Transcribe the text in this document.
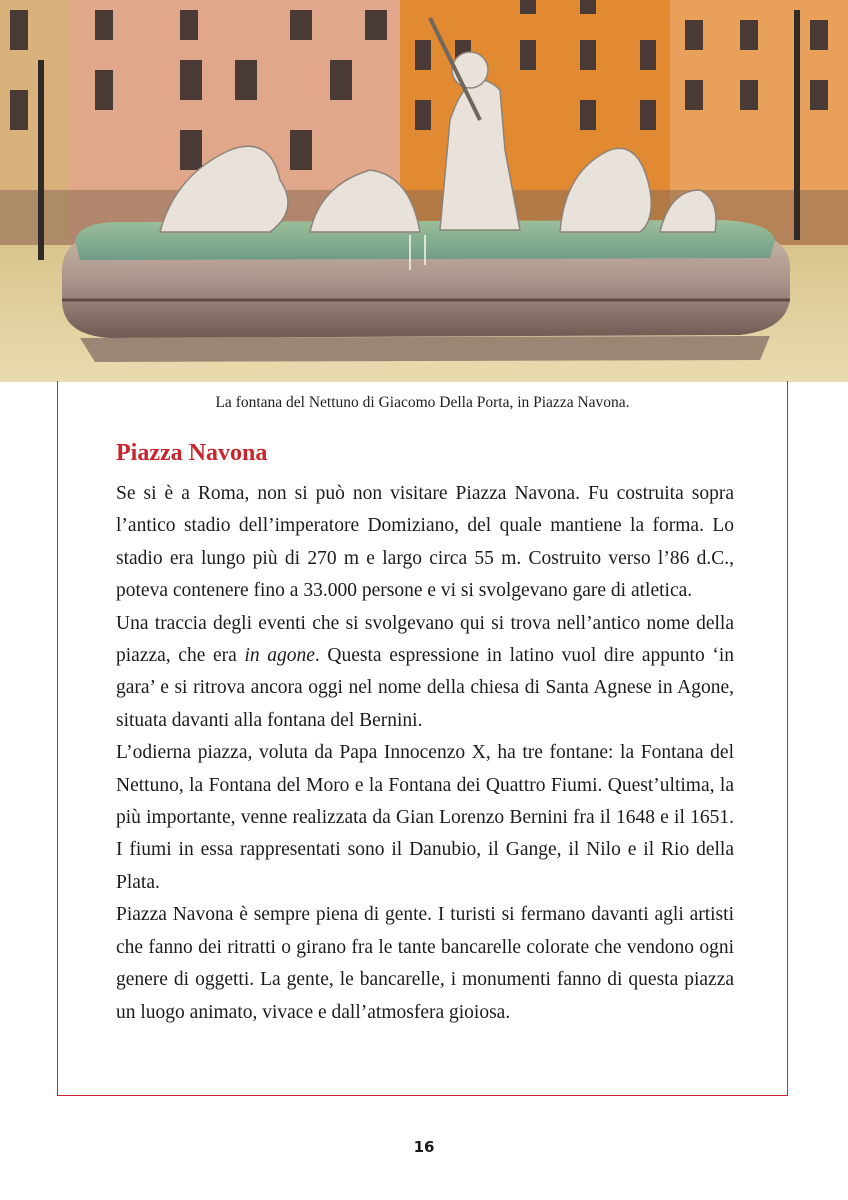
La fontana del Nettuno di Giacomo Della Porta, in Piazza Navona.
Piazza Navona

Se si è a Roma, non si può non visitare Piazza Navona. Fu costruita sopra l’antico stadio dell’imperatore Domiziano, del quale mantiene la forma. Lo stadio era lungo più di 270 m e largo circa 55 m. Costruito verso l’86 d.C., poteva contenere fino a 33.000 persone e vi si svolgevano gare di atletica.

Una traccia degli eventi che si svolgevano qui si trova nell’antico nome della piazza, che era in agone. Questa espressione in latino vuol dire appunto ‘in gara’ e si ritrova ancora oggi nel nome della chiesa di Santa Agnese in Agone, situata davanti alla fontana del Bernini.

L’odierna piazza, voluta da Papa Innocenzo X, ha tre fontane: la Fontana del Nettuno, la Fontana del Moro e la Fontana dei Quattro Fiumi. Quest’ultima, la più importante, venne realizzata da Gian Lorenzo Bernini fra il 1648 e il 1651. I fiumi in essa rappresentati sono il Danubio, il Gange, il Nilo e il Rio della Plata.

Piazza Navona è sempre piena di gente. I turisti si fermano davanti agli artisti che fanno dei ritratti o girano fra le tante bancarelle colorate che vendono ogni genere di oggetti. La gente, le bancarelle, i monumenti fanno di questa piazza un luogo animato, vivace e dall’atmosfera gioiosa.

16
